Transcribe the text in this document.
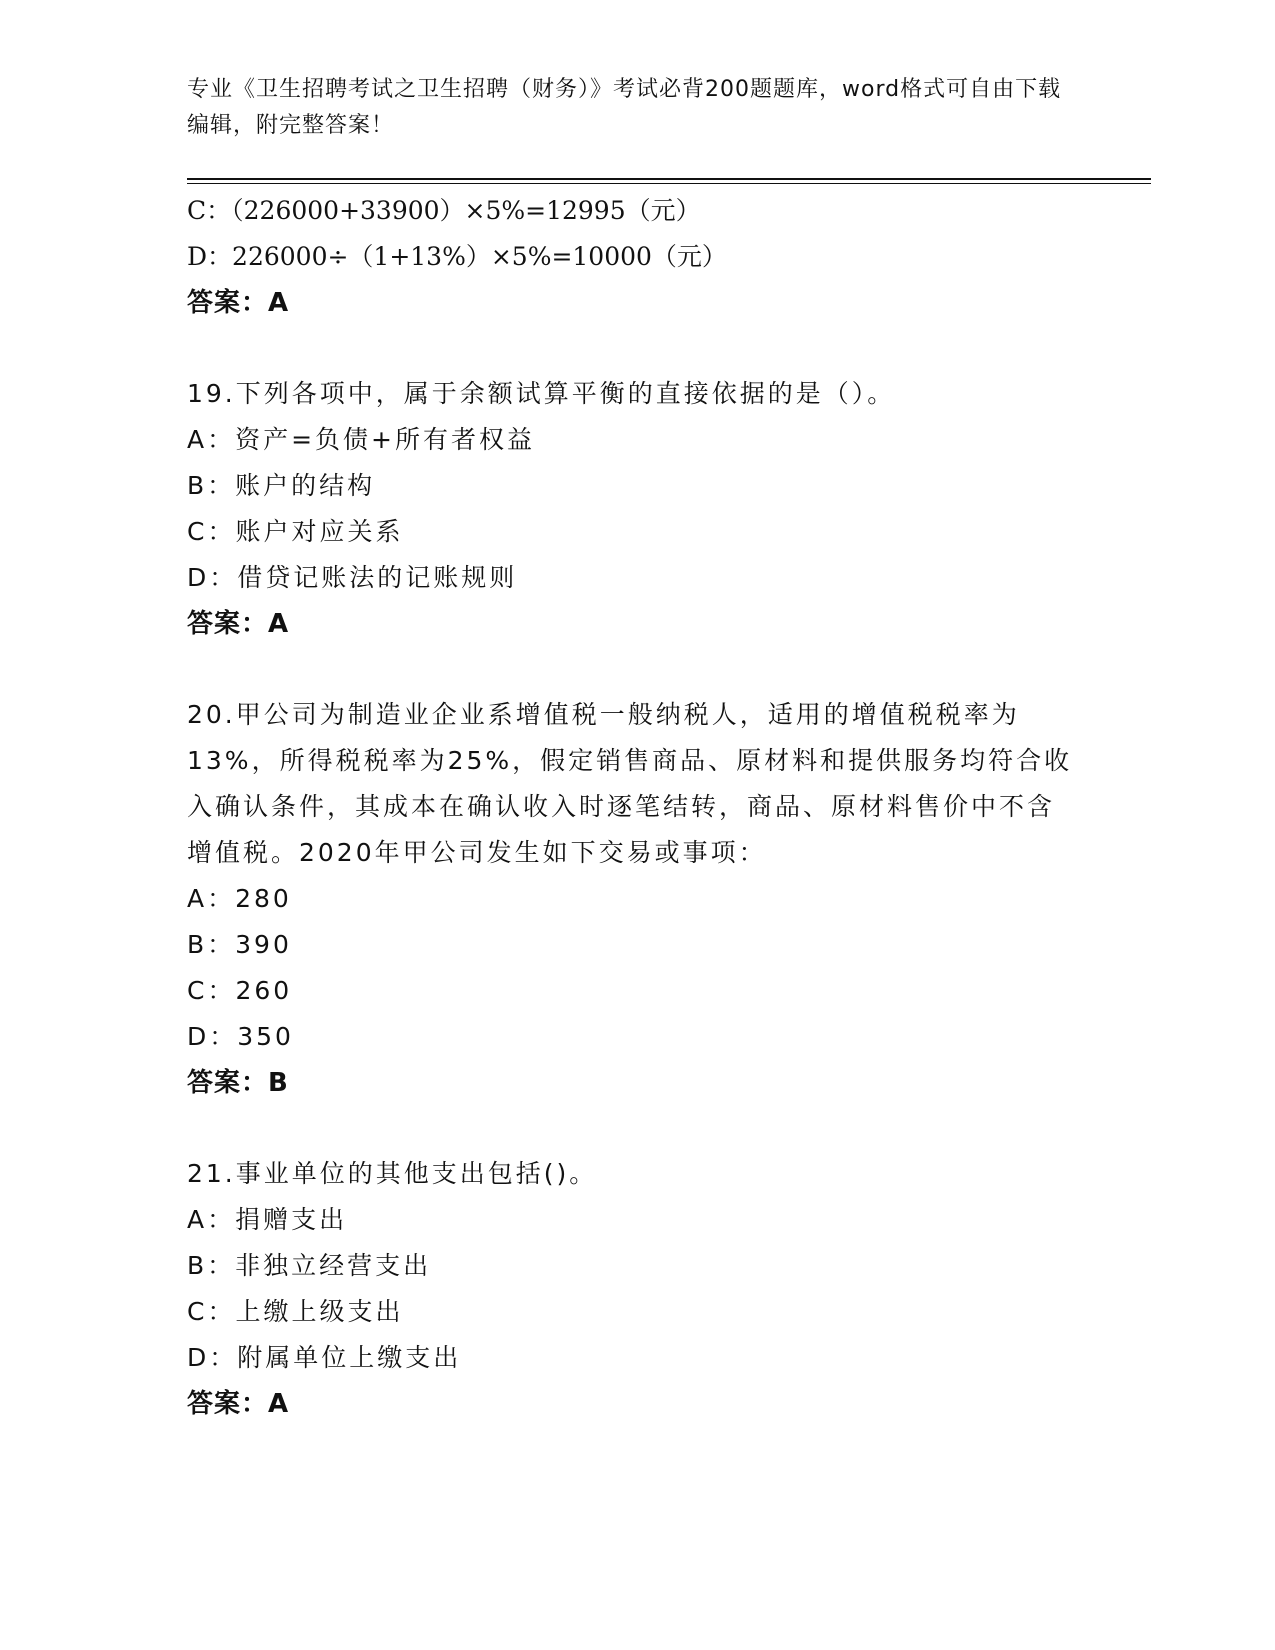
专业《卫生招聘考试之卫生招聘（财务）》考试必背200题题库，word格式可自由下载编辑，附完整答案！
C：（226000+33900）×5%=12995（元）
D：226000÷（1+13%）×5%=10000（元）
答案：A
19.下列各项中，属于余额试算平衡的直接依据的是（）。
A：资产=负债+所有者权益
B：账户的结构
C：账户对应关系
D：借贷记账法的记账规则
答案：A
20.甲公司为制造业企业系增值税一般纳税人，适用的增值税税率为13%，所得税税率为25%，假定销售商品、原材料和提供服务均符合收入确认条件，其成本在确认收入时逐笔结转，商品、原材料售价中不含增值税。2020年甲公司发生如下交易或事项：
A：280
B：390
C：260
D：350
答案：B
21.事业单位的其他支出包括()。
A：捐赠支出
B：非独立经营支出
C：上缴上级支出
D：附属单位上缴支出
答案：A
